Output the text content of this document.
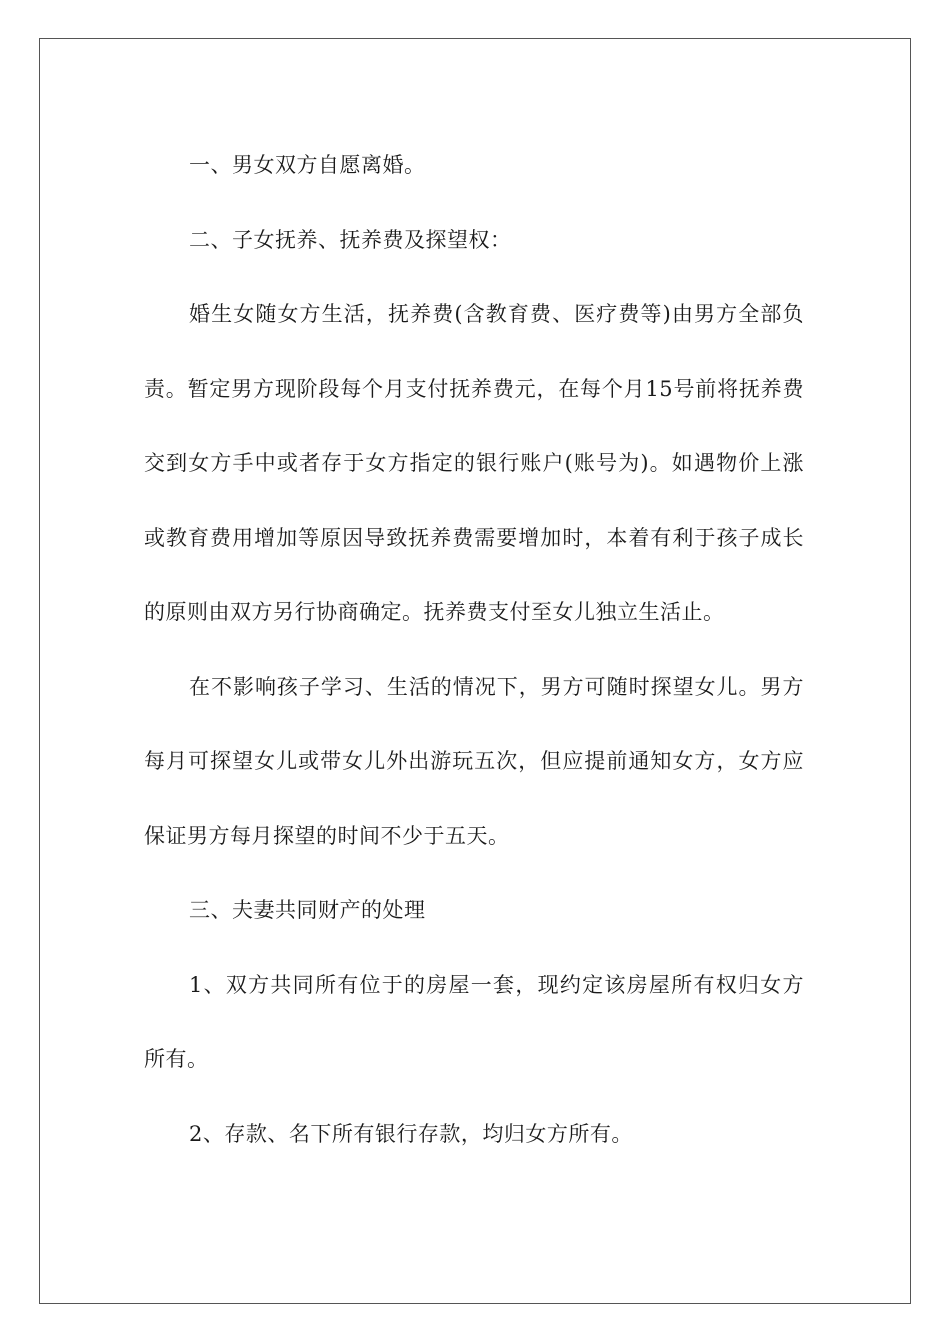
一、男女双方自愿离婚。

二、子女抚养、抚养费及探望权：

婚生女随女方生活，抚养费(含教育费、医疗费等)由男方全部负责。暂定男方现阶段每个月支付抚养费元，在每个月15号前将抚养费交到女方手中或者存于女方指定的银行账户(账号为)。如遇物价上涨或教育费用增加等原因导致抚养费需要增加时，本着有利于孩子成长的原则由双方另行协商确定。抚养费支付至女儿独立生活止。

在不影响孩子学习、生活的情况下，男方可随时探望女儿。男方每月可探望女儿或带女儿外出游玩五次，但应提前通知女方，女方应保证男方每月探望的时间不少于五天。

三、夫妻共同财产的处理

1、双方共同所有位于的房屋一套，现约定该房屋所有权归女方所有。

2、存款、名下所有银行存款，均归女方所有。
